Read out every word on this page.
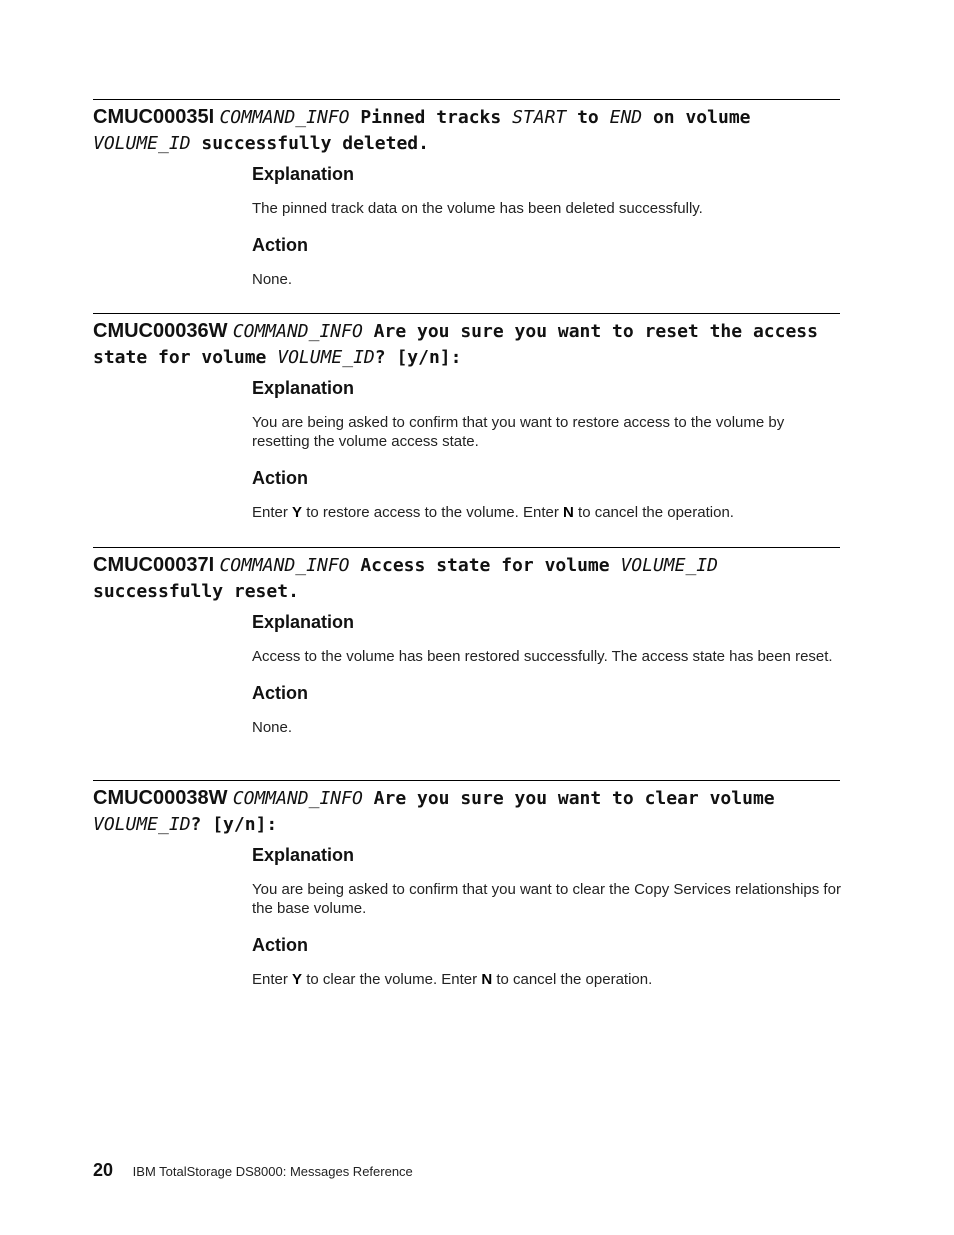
CMUC00035I COMMAND_INFO Pinned tracks START to END on volume VOLUME_ID successfully deleted.
Explanation

The pinned track data on the volume has been deleted successfully.

Action

None.

CMUC00036W COMMAND_INFO Are you sure you want to reset the access state for volume VOLUME_ID? [y/n]:
Explanation

You are being asked to confirm that you want to restore access to the volume by resetting the volume access state.

Action

Enter Y to restore access to the volume. Enter N to cancel the operation.

CMUC00037I COMMAND_INFO Access state for volume VOLUME_ID successfully reset.
Explanation

Access to the volume has been restored successfully. The access state has been reset.

Action

None.

CMUC00038W COMMAND_INFO Are you sure you want to clear volume VOLUME_ID? [y/n]:
Explanation

You are being asked to confirm that you want to clear the Copy Services relationships for the base volume.

Action

Enter Y to clear the volume. Enter N to cancel the operation.

20 IBM TotalStorage DS8000: Messages Reference
